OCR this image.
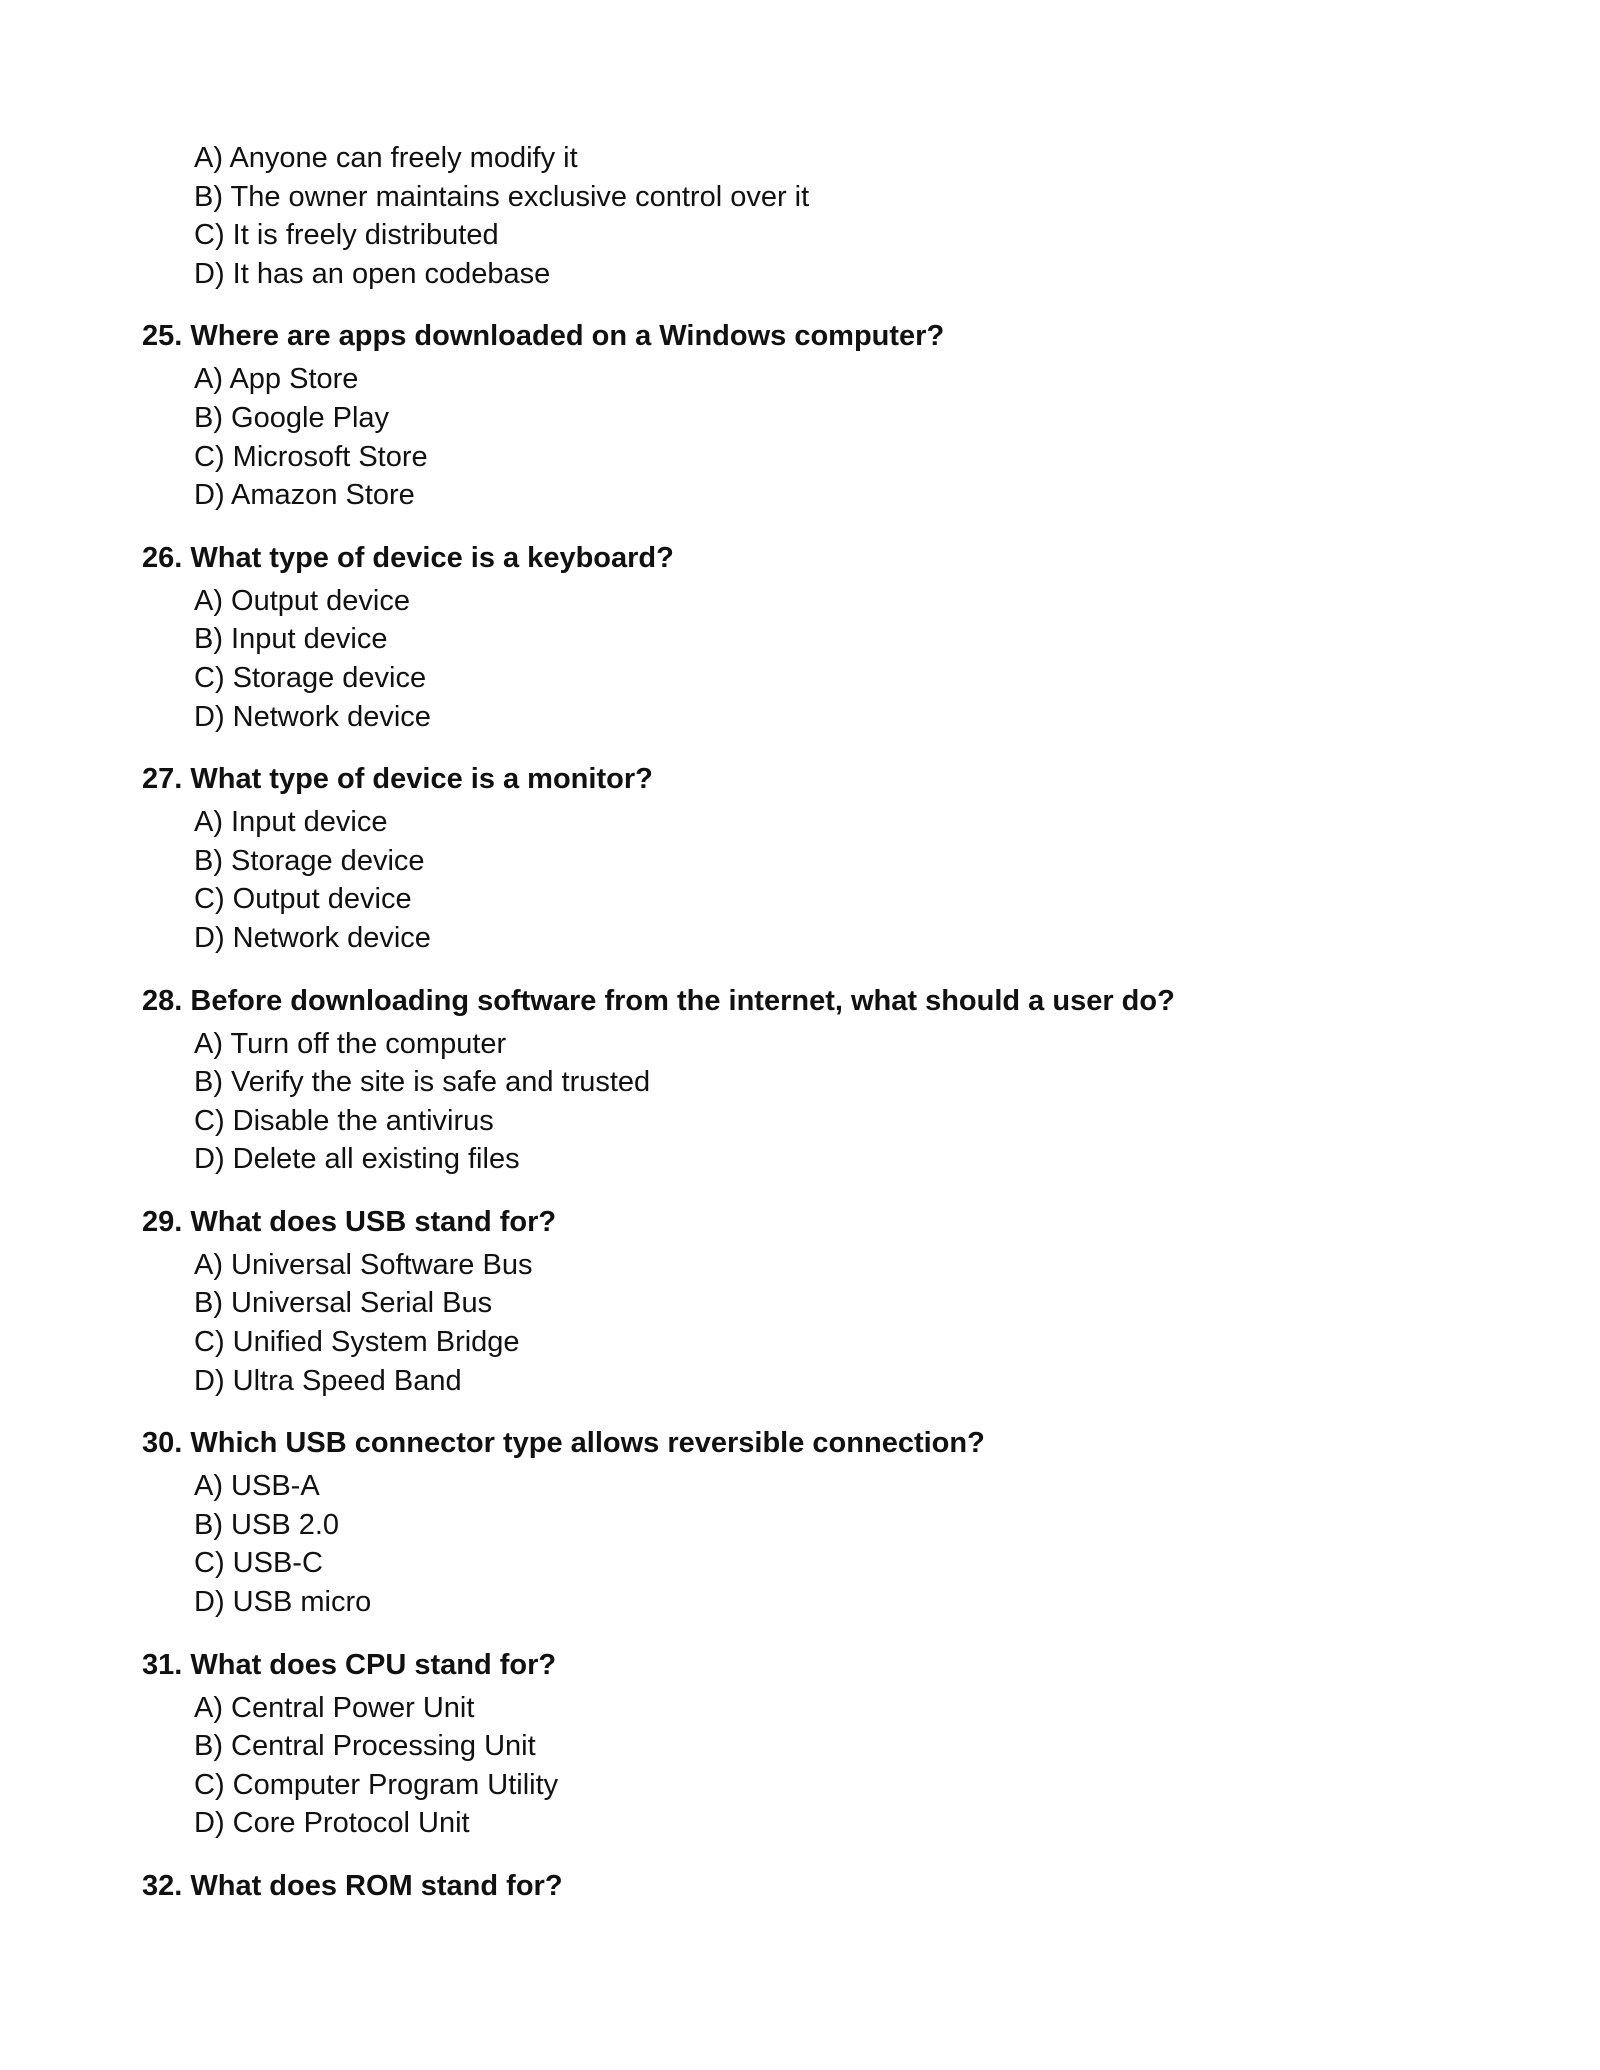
A) Anyone can freely modify it
B) The owner maintains exclusive control over it
C) It is freely distributed
D) It has an open codebase
25. Where are apps downloaded on a Windows computer?
A) App Store
B) Google Play
C) Microsoft Store
D) Amazon Store
26. What type of device is a keyboard?
A) Output device
B) Input device
C) Storage device
D) Network device
27. What type of device is a monitor?
A) Input device
B) Storage device
C) Output device
D) Network device
28. Before downloading software from the internet, what should a user do?
A) Turn off the computer
B) Verify the site is safe and trusted
C) Disable the antivirus
D) Delete all existing files
29. What does USB stand for?
A) Universal Software Bus
B) Universal Serial Bus
C) Unified System Bridge
D) Ultra Speed Band
30. Which USB connector type allows reversible connection?
A) USB-A
B) USB 2.0
C) USB-C
D) USB micro
31. What does CPU stand for?
A) Central Power Unit
B) Central Processing Unit
C) Computer Program Utility
D) Core Protocol Unit
32. What does ROM stand for?
